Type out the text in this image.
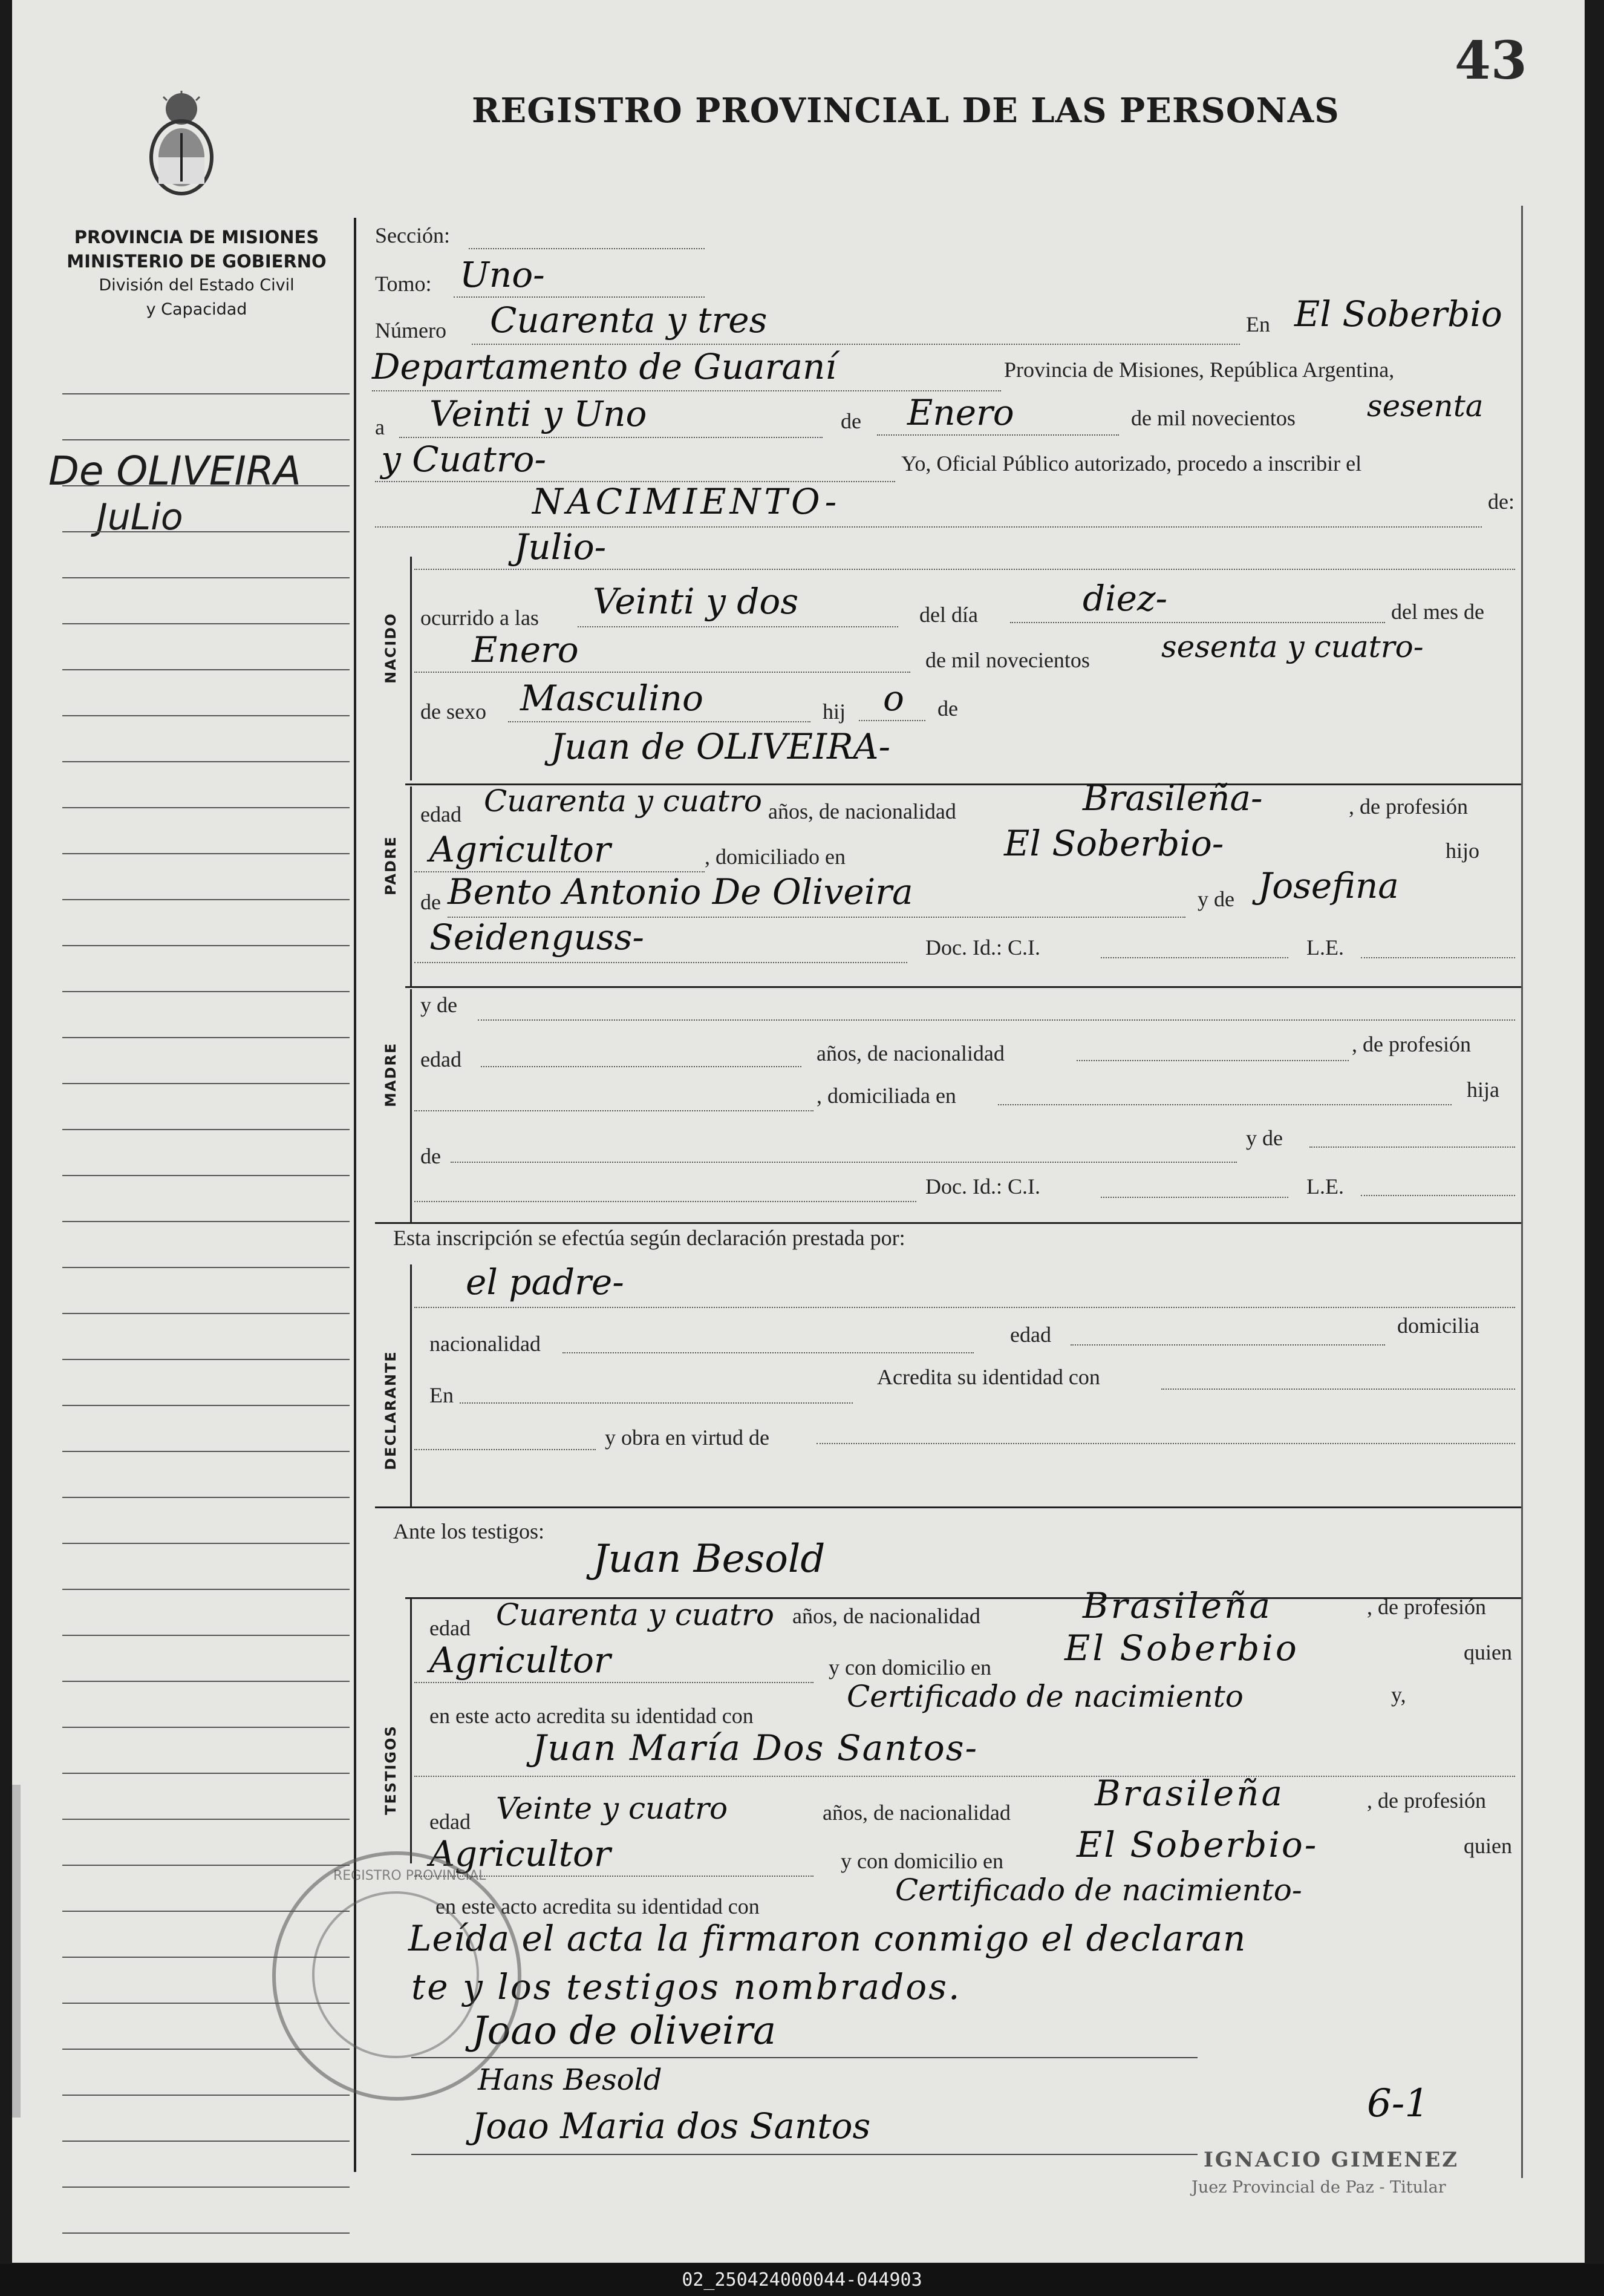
43
REGISTRO PROVINCIAL DE LAS PERSONAS
PROVINCIA DE MISIONES
MINISTERIO DE GOBIERNO
División del Estado Civil
y Capacidad
De OLIVEIRA
JuLio
Sección:
Tomo: Uno-
Número Cuarenta y tres	En El Soberbio
Departamento de Guaraní	Provincia de Misiones, República Argentina,
a Veinti y Uno	de Enero	de mil novecientos sesenta
y Cuatro-	Yo, Oficial Público autorizado, procedo a inscribir el
NACIMIENTO-	de:
NACIDO
Julio-
ocurrido a las Veinti y dos	del día	diez-	del mes de
Enero	de mil novecientos sesenta y cuatro-
de sexo Masculino	hij o de
PADRE
Juan de OLIVEIRA-
edad Cuarenta y cuatro años, de nacionalidad	Brasileña-	, de profesión
Agricultor	, domiciliado en	El Soberbio-	hijo
de Bento Antonio De Oliveira	y de Josefina
Seidenguss-	Doc. Id.: C.I.	L.E.
MADRE
y de
edad	años, de nacionalidad	, de profesión
, domiciliada en	hija
de
y de
Doc. Id.: C.I.	L.E.
Esta inscripción se efectúa según declaración prestada por:
DECLARANTE
el padre-
nacionalidad	edad	domicilia
En
Acredita su identidad con
y obra en virtud de
Ante los testigos:
Juan Besold
TESTIGOS
edad Cuarenta y cuatro años, de nacionalidad	Brasileña	, de profesión
Agricultor	y con domicilio en El Soberbio	quien
en este acto acredita su identidad con
Certificado de nacimiento	y,
Juan María Dos Santos-
edad Veinte y cuatro	años, de nacionalidad Brasileña	, de profesión
Agricultor	y con domicilio en El Soberbio-	quien
en este acto acredita su identidad con	Certificado de nacimiento-
Leída el acta la firmaron conmigo el declaran
te y los testigos nombrados.
Joao de oliveira
Hans Besold
Joao Maria dos Santos	6-1
IGNACIO GIMENEZ
Juez Provincial de Paz - Titular
REGISTRO PROVINCIAL
02_250424000044-044903
